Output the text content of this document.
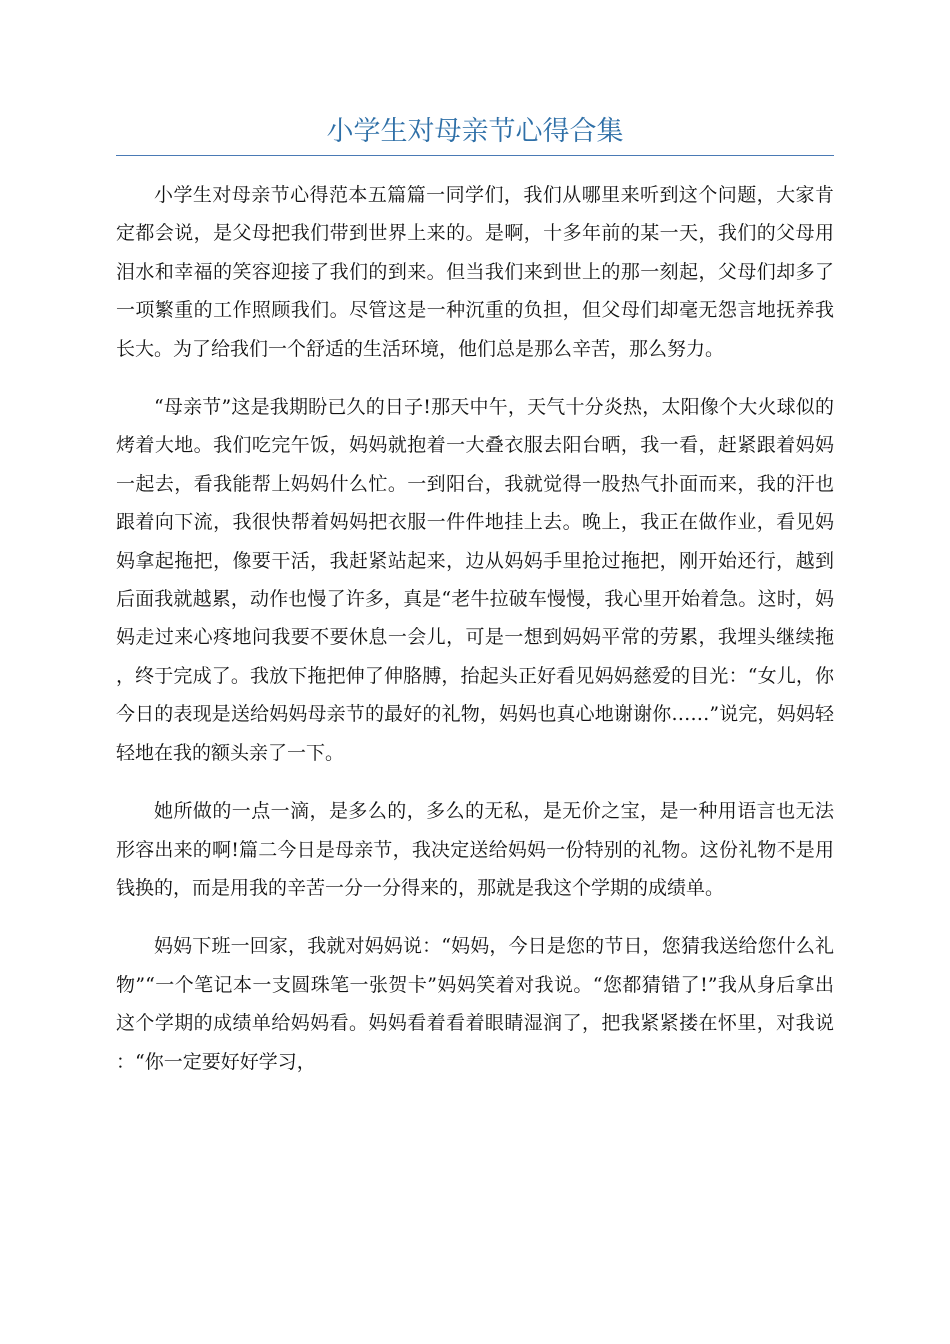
小学生对母亲节心得合集

小学生对母亲节心得范本五篇篇一同学们，我们从哪里来听到这个问题，大家肯定都会说，是父母把我们带到世界上来的。是啊，十多年前的某一天，我们的父母用泪水和幸福的笑容迎接了我们的到来。但当我们来到世上的那一刻起，父母们却多了一项繁重的工作照顾我们。尽管这是一种沉重的负担，但父母们却毫无怨言地抚养我长大。为了给我们一个舒适的生活环境，他们总是那么辛苦，那么努力。

“母亲节”这是我期盼已久的日子!那天中午，天气十分炎热，太阳像个大火球似的烤着大地。我们吃完午饭，妈妈就抱着一大叠衣服去阳台晒，我一看，赶紧跟着妈妈一起去，看我能帮上妈妈什么忙。一到阳台，我就觉得一股热气扑面而来，我的汗也跟着向下流，我很快帮着妈妈把衣服一件件地挂上去。晚上，我正在做作业，看见妈妈拿起拖把，像要干活，我赶紧站起来，边从妈妈手里抢过拖把，刚开始还行，越到后面我就越累，动作也慢了许多，真是“老牛拉破车慢慢，我心里开始着急。这时，妈妈走过来心疼地问我要不要休息一会儿，可是一想到妈妈平常的劳累，我埋头继续拖，终于完成了。我放下拖把伸了伸胳膊，抬起头正好看见妈妈慈爱的目光：“女儿，你今日的表现是送给妈妈母亲节的最好的礼物，妈妈也真心地谢谢你……”说完，妈妈轻轻地在我的额头亲了一下。

她所做的一点一滴，是多么的，多么的无私，是无价之宝，是一种用语言也无法形容出来的啊!篇二今日是母亲节，我决定送给妈妈一份特别的礼物。这份礼物不是用钱换的，而是用我的辛苦一分一分得来的，那就是我这个学期的成绩单。

妈妈下班一回家，我就对妈妈说：“妈妈，今日是您的节日，您猜我送给您什么礼物”“一个笔记本一支圆珠笔一张贺卡”妈妈笑着对我说。“您都猜错了!”我从身后拿出这个学期的成绩单给妈妈看。妈妈看着看着眼睛湿润了，把我紧紧搂在怀里，对我说：“你一定要好好学习，
